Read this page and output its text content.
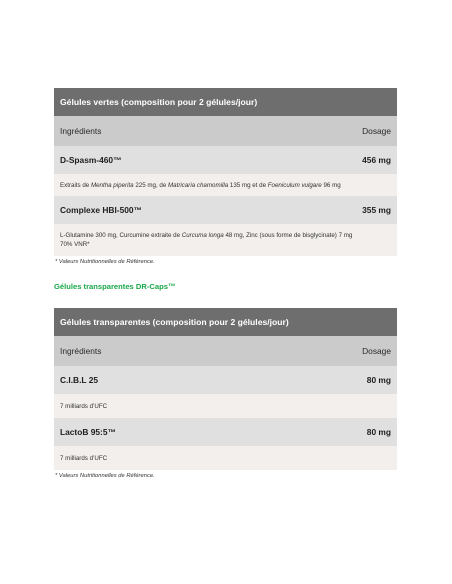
Gélules vertes (composition pour 2 gélules/jour)
Ingrédients	Dosage
D-Spasm-460™	456 mg
Extraits de Mentha piperita 225 mg, de Matricaria chamomilla 135 mg et de Foeniculum vulgare 96 mg
Complexe HBI-500™	355 mg
L-Glutamine 300 mg, Curcumine extraite de Curcuma longa 48 mg, Zinc (sous forme de bisglycinate) 7 mg 70% VNR*
* Valeurs Nutritionnelles de Référence.
Gélules transparentes DR-Caps™
Gélules transparentes (composition pour 2 gélules/jour)
Ingrédients	Dosage
C.I.B.L 25	80 mg
7 milliards d’UFC
LactoB 95:5™	80 mg
7 milliards d’UFC
* Valeurs Nutritionnelles de Référence.
